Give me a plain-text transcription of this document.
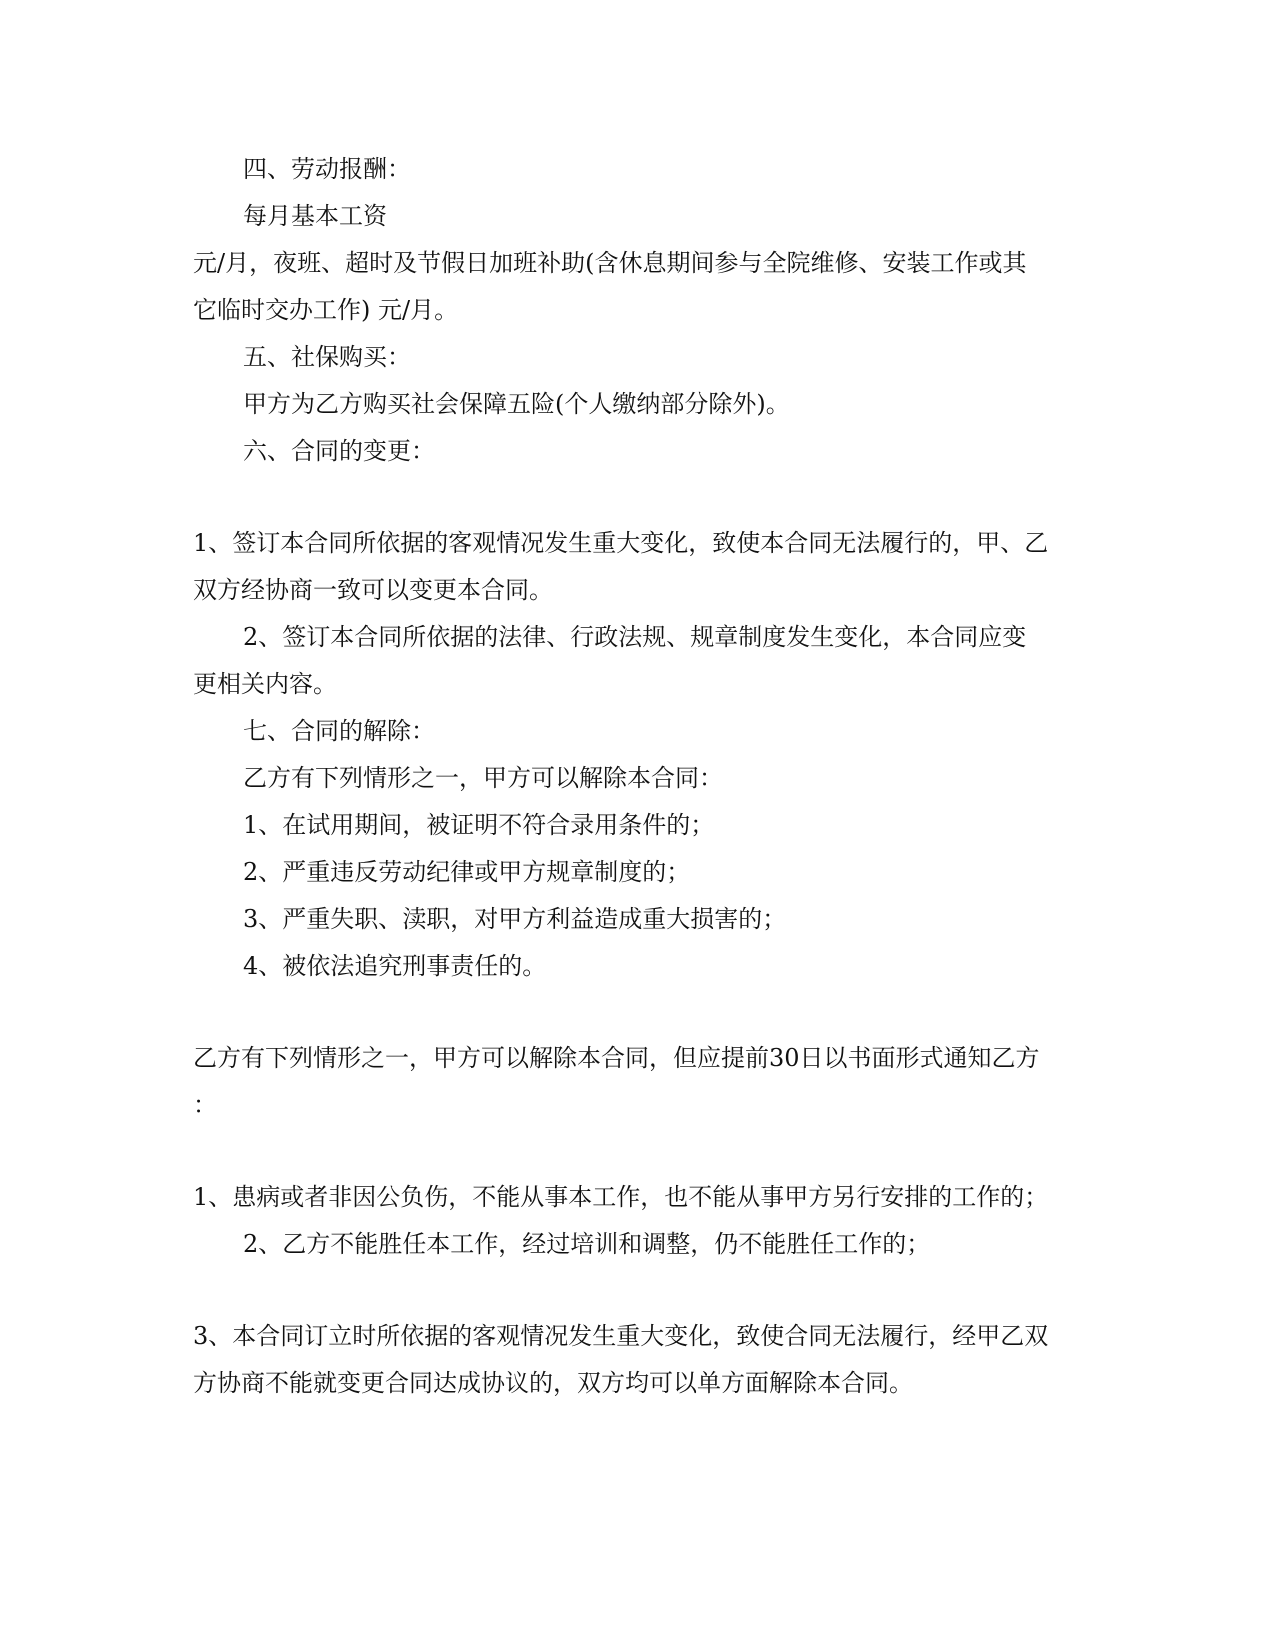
四、劳动报酬：

每月基本工资

元/月，夜班、超时及节假日加班补助(含休息期间参与全院维修、安装工作或其

它临时交办工作) 元/月。

五、社保购买：

甲方为乙方购买社会保障五险(个人缴纳部分除外)。

六、合同的变更：

1、签订本合同所依据的客观情况发生重大变化，致使本合同无法履行的，甲、乙

双方经协商一致可以变更本合同。

2、签订本合同所依据的法律、行政法规、规章制度发生变化，本合同应变

更相关内容。

七、合同的解除：

乙方有下列情形之一，甲方可以解除本合同：

1、在试用期间，被证明不符合录用条件的；

2、严重违反劳动纪律或甲方规章制度的；

3、严重失职、渎职，对甲方利益造成重大损害的；

4、被依法追究刑事责任的。

乙方有下列情形之一，甲方可以解除本合同，但应提前30日以书面形式通知乙方

：

1、患病或者非因公负伤，不能从事本工作，也不能从事甲方另行安排的工作的；

2、乙方不能胜任本工作，经过培训和调整，仍不能胜任工作的；

3、本合同订立时所依据的客观情况发生重大变化，致使合同无法履行，经甲乙双

方协商不能就变更合同达成协议的，双方均可以单方面解除本合同。
